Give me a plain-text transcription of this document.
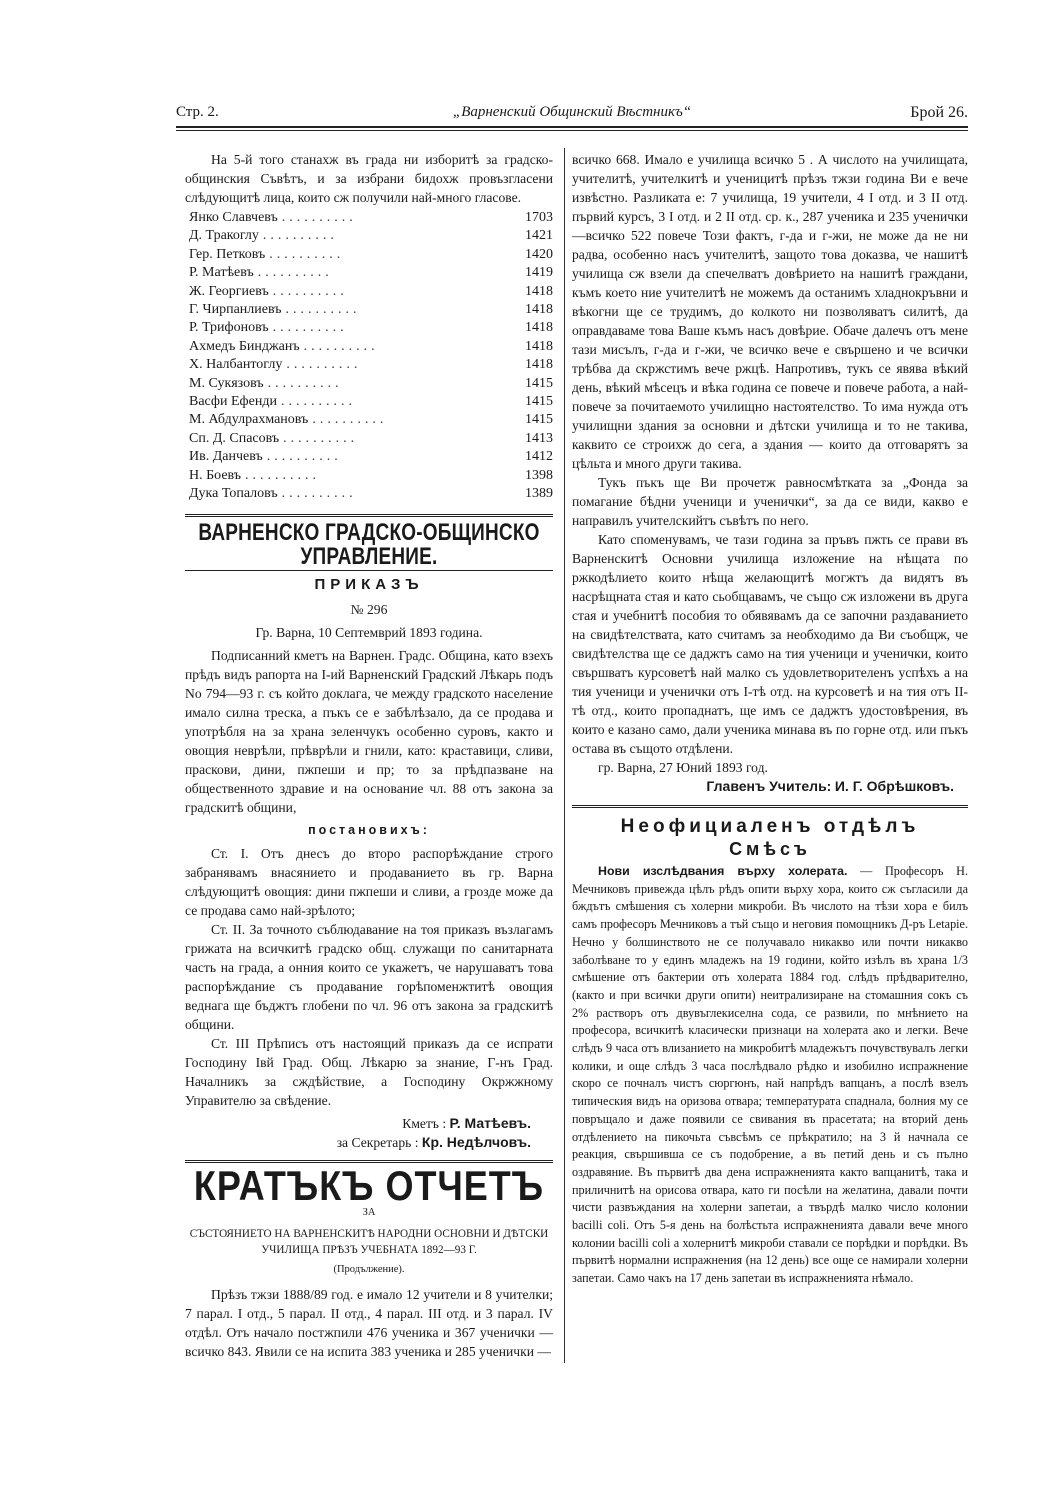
Стр. 2.	„Варненский Общинский Вѣстникъ“	Брой 26.

На 5-й того станахж въ града ни изборитѣ за градско-общинския Съвѣтъ, и за избрани бидохж провъзгласени слѣдующитѣ лица, които сж получили най-много гласове.

Янко Славчевъ ..........	1703
Д. Тракоглу ..........	1421
Гер. Петковъ ..........	1420
Р. Матѣевъ ..........	1419
Ж. Георгиевъ ..........	1418
Г. Чирпанлиевъ ..........	1418
Р. Трифоновъ ..........	1418
Ахмедъ Бинджанъ ..........	1418
Х. Налбантоглу ..........	1418
М. Сукязовъ ..........	1415
Васфи Ефенди ..........	1415
М. Абдулрахмановъ ..........	1415
Сп. Д. Спасовъ ..........	1413
Ив. Данчевъ ..........	1412
Н. Боевъ ..........	1398
Дука Топаловъ ..........	1389
ВАРНЕНСКО ГРАДСКО-ОБЩИНСКО УПРАВЛЕНИЕ.
ПРИКАЗЪ
№ 296
Гр. Варна, 10 Септемврий 1893 година.

Подписанний кметъ на Варнен. Градс. Община, като взехъ прѣдъ видъ рапорта на I-ий Варненский Градский Лѣкарь подъ No 794—93 г. съ който доклага, че между градското население имало силна треска, а пъкъ се е забѣлѣзало, да се продава и употрѣбля на за храна зеленчукъ особенно суровъ, както и овощия неврѣли, прѣврѣли и гнили, като: краставици, сливи, праскови, дини, пжпеши и пр; то за прѣдпазване на общественното здравие и на основание чл. 88 отъ закона за градскитѣ общини,

постановихъ:

Ст. I. Отъ днесъ до второ распорѣждание строго забранявамъ внасянието и продаванието въ гр. Варна слѣдующитѣ овощия: дини пжпеши и сливи, а грозде може да се продава само най-зрѣлото;

Ст. II. За точното съблюдавание на тоя приказъ възлагамъ грижата на всичкитѣ градско общ. служащи по санитарната часть на града, а онния които се укажетъ, че нарушаватъ това распорѣждание съ продавание горѣпоменжтитѣ овощия веднага ще бъджтъ глобени по чл. 96 отъ закона за градскитѣ общини.

Ст. III Прѣписъ отъ настоящий приказъ да се испрати Господину Iвй Град. Общ. Лѣкарю за знание, Г-нъ Град. Началникъ за сждѣйствие, а Господину Окржжному Управителю за свѣдение.

Кметъ : Р. Матѣевъ.
за Секретарь : Кр. Недѣлчовъ.
КРАТЪКЪ ОТЧЕТЪ
ЗА
СЪСТОЯНИЕТО НА ВАРНЕНСКИТѢ НАРОДНИ ОСНОВНИ И ДѢТСКИ УЧИЛИЩА ПРѢЗЪ УЧЕБНАТА 1892—93 Г.
(Продължение).

Прѣзъ тжзи 1888/89 год. е имало 12 учители и 8 учителки; 7 парал. I отд., 5 парал. II отд., 4 парал. III отд. и 3 парал. IV отдѣл. Отъ начало постжпили 476 ученика и 367 ученички — всичко 843. Явили се на испита 383 ученика и 285 ученички —

всичко 668. Имало е училища всичко 5 . А числото на училищата, учителитѣ, учителкитѣ и ученицитѣ прѣзъ тжзи година Ви е вече извѣстно. Разликата е: 7 училища, 19 учители, 4 I отд. и 3 II отд. първий курсъ, 3 I отд. и 2 II отд. ср. к., 287 ученика и 235 ученички—всичко 522 повече Този фактъ, г-да и г-жи, не може да не ни радва, особенно насъ учителитѣ, защото това доказва, че нашитѣ училища сж взели да спечелватъ довѣрието на нашитѣ граждани, къмъ което ние учителитѣ не можемъ да останимъ хладнокръвни и вѣкогни ще се трудимъ, до колкото ни позволяватъ силитѣ, да оправдаваме това Ваше къмъ насъ довѣрие. Обаче далечъ отъ мене тази мисълъ, г-да и г-жи, че всичко вече е свършено и че всички трѣбва да скржстимъ вече ржцѣ. Напротивъ, тукъ се явява вѣкий день, вѣкий мѣсецъ и вѣка година се повече и повече работа, а най-повече за почитаемото училищно настоятелство. То има нужда отъ училищни здания за основни и дѣтски училища и то не такива, каквито се строихж до сега, а здания — които да отговарятъ за цѣльта и много други такива.

Тукъ пъкъ ще Ви прочетж равносмѣтката за „Фонда за помагание бѣдни ученици и ученички“, за да се види, какво е направилъ учителскийтъ съвѣтъ по него.

Като споменувамъ, че тази година за пръвъ пжть се прави въ Варненскитѣ Основни училища изложение на нѣщата по ржкодѣлието които нѣща желающитѣ могжтъ да видятъ въ насрѣщната стая и като сьобщавамъ, че също сж изложени въ друга стая и учебнитѣ пособия то обявявамъ да се започни раздаванието на свидѣтелствата, като считамъ за необходимо да Ви съобщж, че свидѣтелства ще се даджтъ само на тия ученици и ученички, които свършватъ курсоветѣ най малко съ удовлетворителенъ успѣхъ а на тия ученици и ученички отъ I-тѣ отд. на курсоветѣ и на тия отъ II-тѣ отд., които пропаднатъ, ще имъ се даджтъ удостовѣрения, въ които е казано само, дали ученика минава въ по горне отд. или пъкъ остава въ същото отдѣлени.

гр. Варна, 27 Юний 1893 год.

Главенъ Учитель: И. Г. Обрѣшковъ.
Неофициаленъ отдѣлъ
Смѣсъ

Нови изслѣдвания върху холерата. — Професоръ Н. Мечниковъ привежда цѣлъ рѣдъ опити върху хора, които сж съгласили да бждътъ смѣшения съ холерни микроби. Въ числото на тѣзи хора е билъ самъ професоръ Мечниковъ а тъй също и неговия помощникъ Д-ръ Letapie. Нечно у болшинството не се получавало никакво или почти никакво заболѣване то у единъ младежъ на 19 години, който изѣлъ въ храна 1/3 смѣшение отъ бактерии отъ холерата 1884 год. слѣдъ прѣдварително, (както и при всички други опити) неитрализиране на стомашния сокъ съ 2% растворъ отъ двувъглекиселна сода, се развили, по мнѣнието на професора, всичкитѣ класически признаци на холерата ако и легки. Вече слѣдъ 9 часа отъ влизанието на микробитѣ младежътъ почувствувалъ легки колики, и още слѣдъ 3 часа послѣдвало рѣдко и изобилно испражнение скоро се почналъ чистъ сюргюнъ, най напрѣдъ вапцанъ, а послѣ взелъ типическия видъ на оризова отвара; температурата спаднала, болния му се повръщало и даже появили се свивания въ прасетата; на вторий день отдѣлението на пикочьта съвсѣмъ се прѣкратило; на 3 й начнала се реакция, свършивша се съ подобрение, а въ петий день и съ пълно оздравяние. Въ първитѣ два дена испражненията както вапцанитѣ, така и приличнитѣ на орисова отвара, като ги посѣли на желатина, давали почти чисти развъждания на холерни запетаи, а твърдѣ малко число колонии bacilli coli. Отъ 5-я день на болѣстьта испражненията давали вече много колонии bacilli coli а холернитѣ микроби ставали се порѣдки и порѣдки. Въ първитѣ нормални испражнения (на 12 день) все още се намирали холерни запетаи. Само чакъ на 17 день запетаи въ испражненията нѣмало.
